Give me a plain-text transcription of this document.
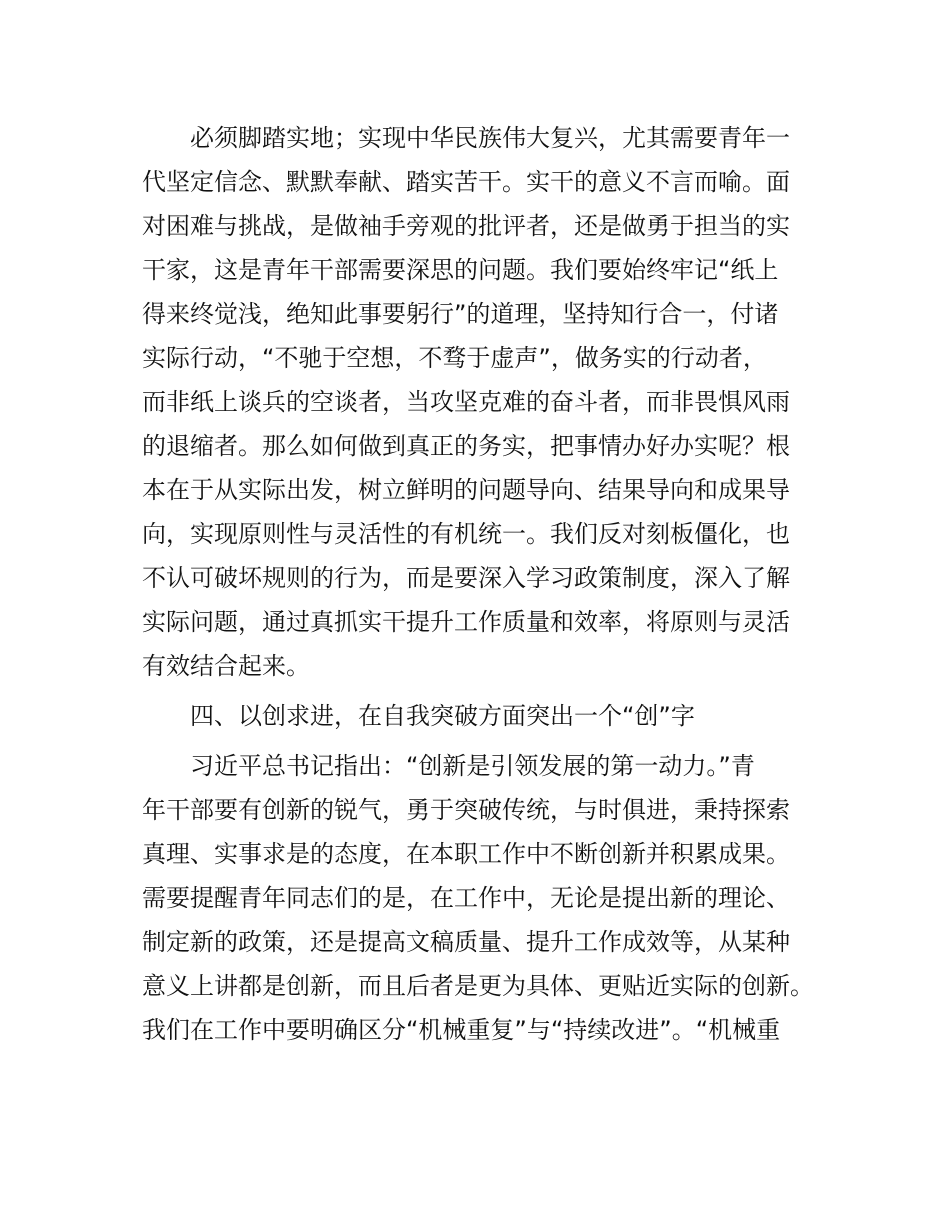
必须脚踏实地；实现中华民族伟大复兴，尤其需要青年一
代坚定信念、默默奉献、踏实苦干。实干的意义不言而喻。面
对困难与挑战，是做袖手旁观的批评者，还是做勇于担当的实
干家，这是青年干部需要深思的问题。我们要始终牢记“纸上
得来终觉浅，绝知此事要躬行”的道理，坚持知行合一，付诸
实际行动，“不驰于空想，不骛于虚声”，做务实的行动者，
而非纸上谈兵的空谈者，当攻坚克难的奋斗者，而非畏惧风雨
的退缩者。那么如何做到真正的务实，把事情办好办实呢？根
本在于从实际出发，树立鲜明的问题导向、结果导向和成果导
向，实现原则性与灵活性的有机统一。我们反对刻板僵化，也
不认可破坏规则的行为，而是要深入学习政策制度，深入了解
实际问题，通过真抓实干提升工作质量和效率，将原则与灵活
有效结合起来。
四、以创求进，在自我突破方面突出一个“创”字
习近平总书记指出：“创新是引领发展的第一动力。”青
年干部要有创新的锐气，勇于突破传统，与时俱进，秉持探索
真理、实事求是的态度，在本职工作中不断创新并积累成果。
需要提醒青年同志们的是，在工作中，无论是提出新的理论、
制定新的政策，还是提高文稿质量、提升工作成效等，从某种
意义上讲都是创新，而且后者是更为具体、更贴近实际的创新。
我们在工作中要明确区分“机械重复”与“持续改进”。“机械重
